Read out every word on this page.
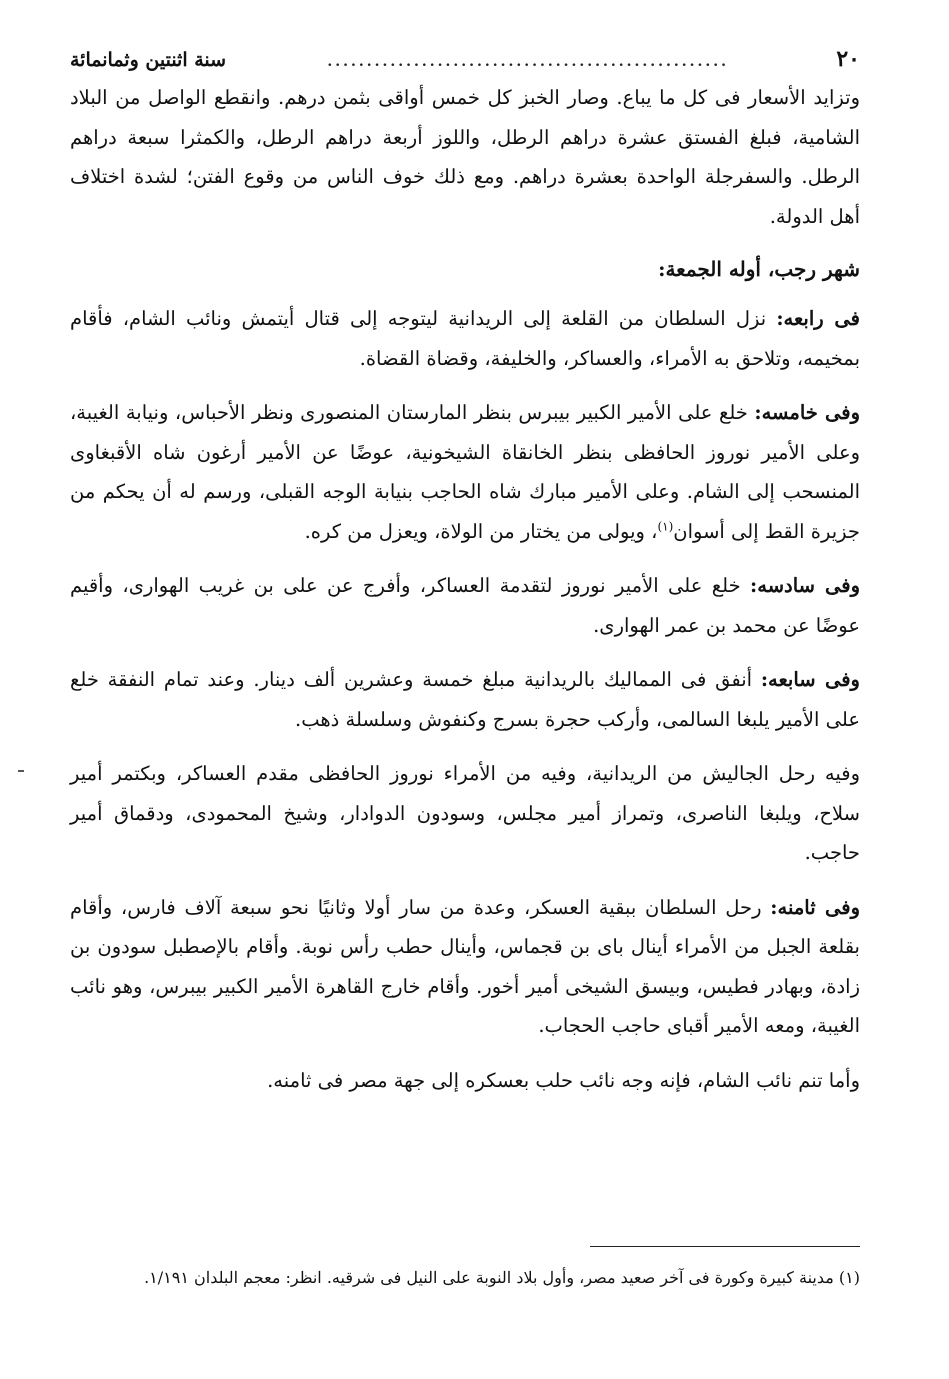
٢٠
...................................................
سنة اثنتين وثمانمائة

وتزايد الأسعار فى كل ما يباع. وصار الخبز كل خمس أواقى بثمن درهم. وانقطع الواصل من البلاد الشامية، فبلغ الفستق عشرة دراهم الرطل، واللوز أربعة دراهم الرطل، والكمثرا سبعة دراهم الرطل. والسفرجلة الواحدة بعشرة دراهم. ومع ذلك خوف الناس من وقوع الفتن؛ لشدة اختلاف أهل الدولة.

شهر رجب، أوله الجمعة:

فى رابعه: نزل السلطان من القلعة إلى الريدانية ليتوجه إلى قتال أيتمش ونائب الشام، فأقام بمخيمه، وتلاحق به الأمراء، والعساكر، والخليفة، وقضاة القضاة.

وفى خامسه: خلع على الأمير الكبير بيبرس بنظر المارستان المنصورى ونظر الأحباس، ونيابة الغيبة، وعلى الأمير نوروز الحافظى بنظر الخانقاة الشيخونية، عوضًا عن الأمير أرغون شاه الأقبغاوى المنسحب إلى الشام. وعلى الأمير مبارك شاه الحاجب بنيابة الوجه القبلى، ورسم له أن يحكم من جزيرة القط إلى أسوان$^{(١)}$، ويولى من يختار من الولاة، ويعزل من كره.

وفى سادسه: خلع على الأمير نوروز لتقدمة العساكر، وأفرج عن على بن غريب الهوارى، وأقيم عوضًا عن محمد بن عمر الهوارى.

وفى سابعه: أنفق فى المماليك بالريدانية مبلغ خمسة وعشرين ألف دينار. وعند تمام النفقة خلع على الأمير يلبغا السالمى، وأركب حجرة بسرج وكنفوش وسلسلة ذهب.

وفيه رحل الجاليش من الريدانية، وفيه من الأمراء نوروز الحافظى مقدم العساكر، وبكتمر أمير سلاح، ويلبغا الناصرى، وتمراز أمير مجلس، وسودون الدوادار، وشيخ المحمودى، ودقماق أمير حاجب.

وفى ثامنه: رحل السلطان ببقية العسكر، وعدة من سار أولا وثانيًا نحو سبعة آلاف فارس، وأقام بقلعة الجبل من الأمراء أينال باى بن قجماس، وأينال حطب رأس نوبة. وأقام بالإصطبل سودون بن زادة، وبهادر فطيس، وبيسق الشيخى أمير أخور. وأقام خارج القاهرة الأمير الكبير بيبرس، وهو نائب الغيبة، ومعه الأمير أقباى حاجب الحجاب.

وأما تنم نائب الشام، فإنه وجه نائب حلب بعسكره إلى جهة مصر فى ثامنه.

(١) مدينة كبيرة وكورة فى آخر صعيد مصر، وأول بلاد النوبة على النيل فى شرقيه. انظر: معجم البلدان ١/١٩١.
